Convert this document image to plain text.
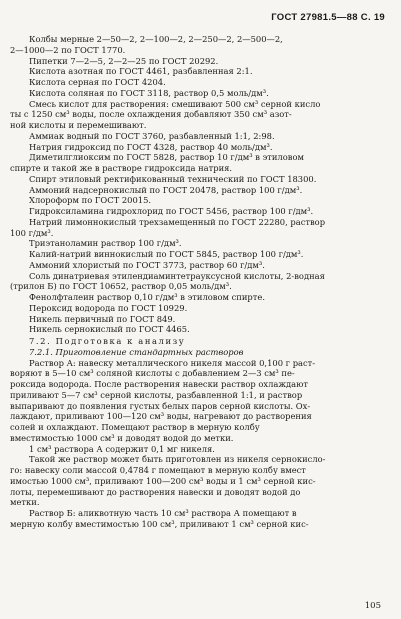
ГОСТ 27981.5—88 С. 19
Колбы мерные 2—50—2, 2—100—2, 2—250—2, 2—500—2,
2—1000—2 по ГОСТ 1770.
Пипетки 7—2—5, 2—2—25 по ГОСТ 20292.
Кислота азотная по ГОСТ 4461, разбавленная 2:1.
Кислота серная по ГОСТ 4204.
Кислота соляная по ГОСТ 3118, раствор 0,5 моль/дм³.
Смесь кислот для растворения: смешивают 500 см³ серной кисло
ты с 1250 см³ воды, после охлаждения добавляют 350 см³ азот-
ной кислоты и перемешивают.
Аммиак водный по ГОСТ 3760, разбавленный 1:1, 2:98.
Натрия гидроксид по ГОСТ 4328, раствор 40 моль/дм³.
Диметилглиоксим по ГОСТ 5828, раствор 10 г/дм³ в этиловом
спирте и такой же в растворе гидроксида натрия.
Спирт этиловый ректификованный технический по ГОСТ 18300.
Аммоний надсернокислый по ГОСТ 20478, раствор 100 г/дм³.
Хлороформ по ГОСТ 20015.
Гидроксиламина гидрохлорид по ГОСТ 5456, раствор 100 г/дм³.
Натрий лимоннокислый трехзамещенный по ГОСТ 22280, раствор
100 г/дм³.
Триэтаноламин раствор 100 г/дм³.
Калий-натрий виннокислый по ГОСТ 5845, раствор 100 г/дм³.
Аммоний хлористый по ГОСТ 3773, раствор 60 г/дм³.
Соль динатриевая этилендиаминтетрауксусной кислоты, 2-водная
(трилон Б) по ГОСТ 10652, раствор 0,05 моль/дм³.
Фенолфталеин раствор 0,10 г/дм³ в этиловом спирте.
Пероксид водорода по ГОСТ 10929.
Никель первичный по ГОСТ 849.
Никель сернокислый по ГОСТ 4465.
7.2. Подготовка к анализу
7.2.1. Приготовление стандартных растворов
Раствор А: навеску металлического никеля массой 0,100 г раст-
воряют в 5—10 см³ соляной кислоты с добавлением 2—3 см³ пе-
роксида водорода. После растворения навески раствор охлаждают
приливают 5—7 см³ серной кислоты, разбавленной 1:1, и раствор
выпаривают до появления густых белых паров серной кислоты. Ох-
лаждают, приливают 100—120 см³ воды, нагревают до растворения
солей и охлаждают. Помещают раствор в мерную колбу
вместимостью 1000 см³ и доводят водой до метки.
1 см³ раствора А содержит 0,1 мг никеля.
Такой же раствор может быть приготовлен из никеля сернокисло-
го: навеску соли массой 0,4784 г помещают в мерную колбу вмест
имостью 1000 см³, приливают 100—200 см³ воды и 1 см³ серной кис-
лоты, перемешивают до растворения навески и доводят водой до
метки.
Раствор Б: аликвотную часть 10 см³ раствора А помещают в
мерную колбу вместимостью 100 см³, приливают 1 см³ серной кис-
105
